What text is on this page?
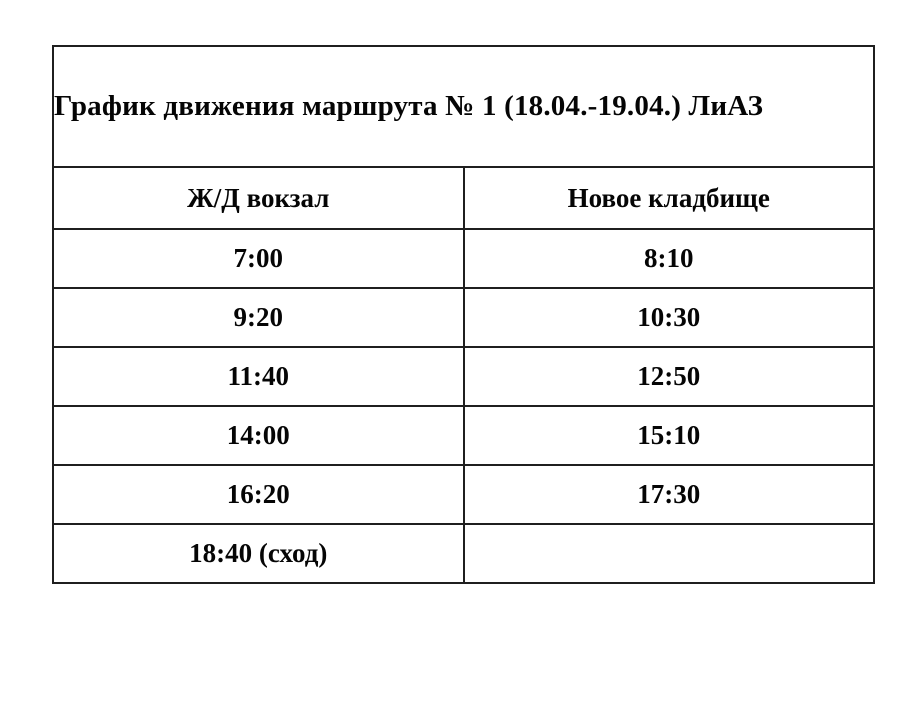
График движения маршрута № 1 (18.04.-19.04.) ЛиАЗ	
Ж/Д вокзал	Новое кладбище
7:00	8:10
9:20	10:30
11:40	12:50
14:00	15:10
16:20	17:30
18:40 (сход)	
